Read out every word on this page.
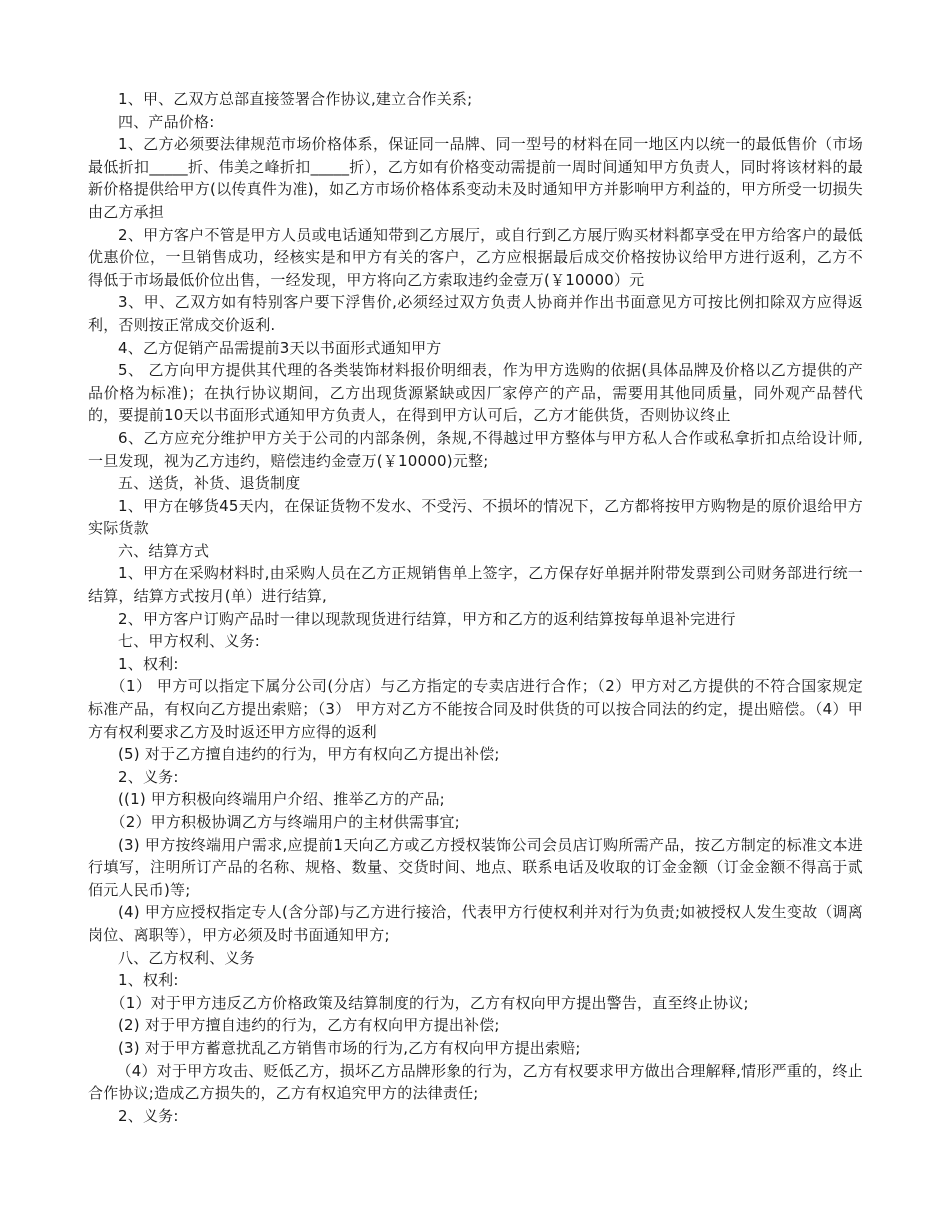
1、甲、乙双方总部直接签署合作协议,建立合作关系;

四、产品价格:

1、乙方必须要法律规范市场价格体系，保证同一品牌、同一型号的材料在同一地区内以统一的最低售价（市场最低折扣_____折、伟美之峰折扣_____折），乙方如有价格变动需提前一周时间通知甲方负责人，同时将该材料的最新价格提供给甲方(以传真件为准)，如乙方市场价格体系变动未及时通知甲方并影响甲方利益的，甲方所受一切损失由乙方承担

2、甲方客户不管是甲方人员或电话通知带到乙方展厅，或自行到乙方展厅购买材料都享受在甲方给客户的最低优惠价位，一旦销售成功，经核实是和甲方有关的客户，乙方应根据最后成交价格按协议给甲方进行返利，乙方不得低于市场最低价位出售，一经发现，甲方将向乙方索取违约金壹万(￥10000）元

3、甲、乙双方如有特别客户要下浮售价,必须经过双方负责人协商并作出书面意见方可按比例扣除双方应得返利，否则按正常成交价返利.

4、乙方促销产品需提前3天以书面形式通知甲方

5、 乙方向甲方提供其代理的各类装饰材料报价明细表，作为甲方选购的依据(具体品牌及价格以乙方提供的产品价格为标准)；在执行协议期间，乙方出现货源紧缺或因厂家停产的产品，需要用其他同质量，同外观产品替代的，要提前10天以书面形式通知甲方负责人，在得到甲方认可后，乙方才能供货，否则协议终止

6、乙方应充分维护甲方关于公司的内部条例，条规,不得越过甲方整体与甲方私人合作或私拿折扣点给设计师,一旦发现，视为乙方违约，赔偿违约金壹万(￥10000)元整;

五、送货，补货、退货制度

1、甲方在够货45天内，在保证货物不发水、不受污、不损坏的情况下，乙方都将按甲方购物是的原价退给甲方实际货款

六、结算方式

1、甲方在采购材料时,由采购人员在乙方正规销售单上签字，乙方保存好单据并附带发票到公司财务部进行统一结算，结算方式按月(单）进行结算,

2、甲方客户订购产品时一律以现款现货进行结算，甲方和乙方的返利结算按每单退补完进行

七、甲方权利、义务:

1、权利:

（1） 甲方可以指定下属分公司(分店）与乙方指定的专卖店进行合作；（2）甲方对乙方提供的不符合国家规定标准产品，有权向乙方提出索赔；（3） 甲方对乙方不能按合同及时供货的可以按合同法的约定，提出赔偿。（4）甲方有权利要求乙方及时返还甲方应得的返利

(5) 对于乙方擅自违约的行为，甲方有权向乙方提出补偿;

2、义务:

((1) 甲方积极向终端用户介绍、推举乙方的产品;

（2）甲方积极协调乙方与终端用户的主材供需事宜;

(3) 甲方按终端用户需求,应提前1天向乙方或乙方授权装饰公司会员店订购所需产品，按乙方制定的标准文本进行填写，注明所订产品的名称、规格、数量、交货时间、地点、联系电话及收取的订金金额（订金金额不得高于贰佰元人民币)等;

(4) 甲方应授权指定专人(含分部)与乙方进行接洽，代表甲方行使权利并对行为负责;如被授权人发生变故（调离岗位、离职等），甲方必须及时书面通知甲方;

八、乙方权利、义务

1、权利:

（1）对于甲方违反乙方价格政策及结算制度的行为，乙方有权向甲方提出警告，直至终止协议;

(2) 对于甲方擅自违约的行为，乙方有权向甲方提出补偿;

(3) 对于甲方蓄意扰乱乙方销售市场的行为,乙方有权向甲方提出索赔;

（4）对于甲方攻击、贬低乙方，损坏乙方品牌形象的行为，乙方有权要求甲方做出合理解释,情形严重的，终止合作协议;造成乙方损失的，乙方有权追究甲方的法律责任;

2、义务:
